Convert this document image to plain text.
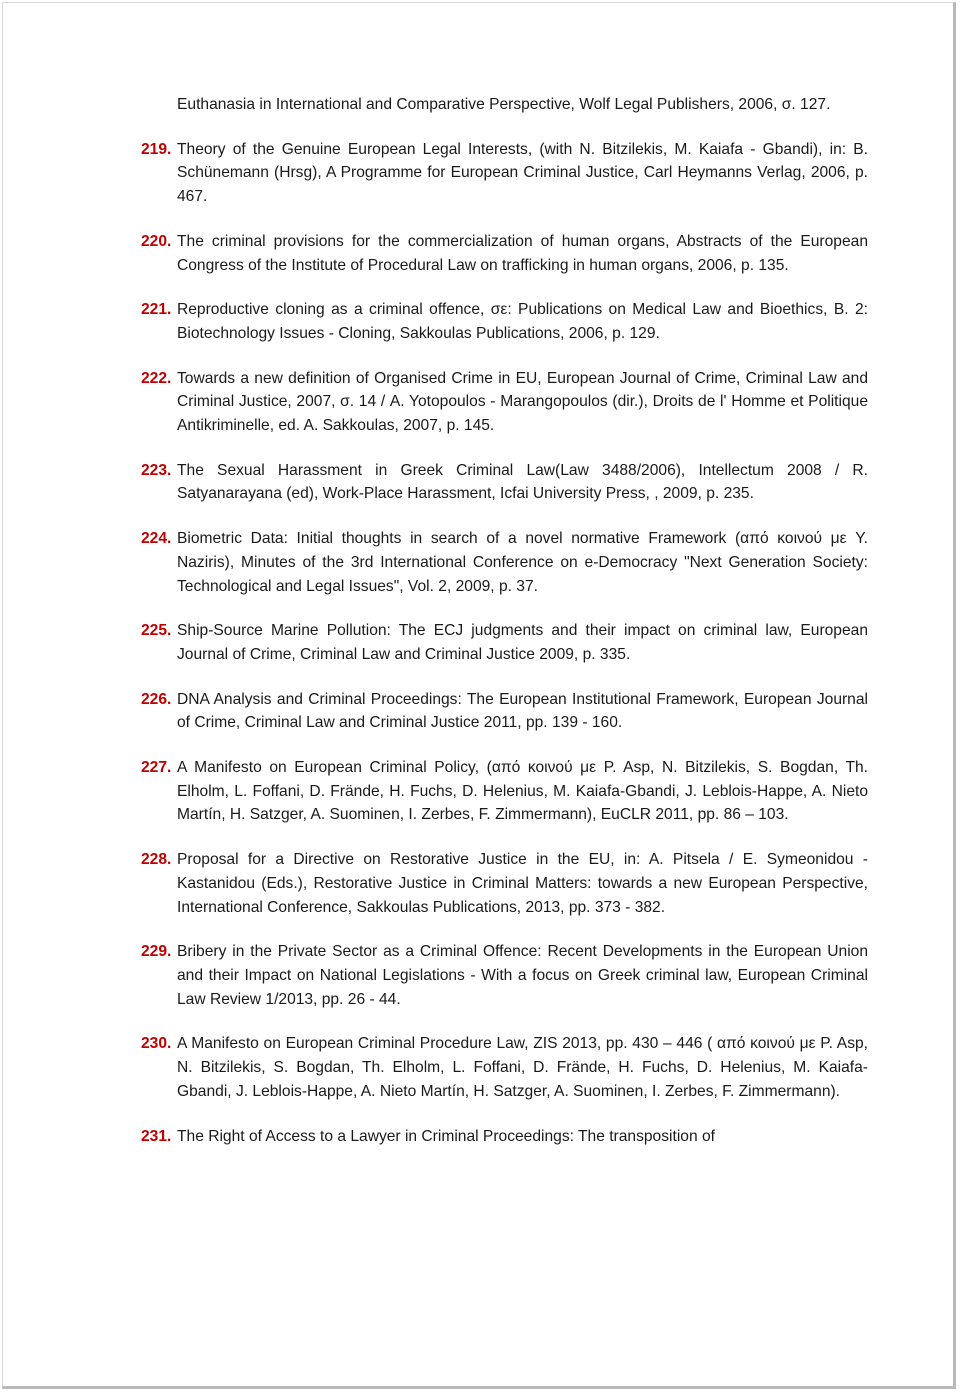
Euthanasia in International and Comparative Perspective, Wolf Legal Publishers, 2006, σ. 127.
219. Theory of the Genuine European Legal Interests, (with N. Bitzilekis, M. Kaiafa - Gbandi), in: B. Schünemann (Hrsg), A Programme for European Criminal Justice, Carl Heymanns Verlag, 2006, p. 467.
220. The criminal provisions for the commercialization of human organs, Abstracts of the European Congress of the Institute of Procedural Law on trafficking in human organs, 2006, p. 135.
221. Reproductive cloning as a criminal offence, σε: Publications on Medical Law and Bioethics, B. 2: Biotechnology Issues - Cloning, Sakkoulas Publications, 2006, p. 129.
222. Towards a new definition of Organised Crime in EU, European Journal of Crime, Criminal Law and Criminal Justice, 2007, σ. 14 / A. Yotopoulos - Marangopoulos (dir.), Droits de l' Homme et Politique Antikriminelle, ed. A. Sakkoulas, 2007, p. 145.
223. The Sexual Harassment in Greek Criminal Law(Law 3488/2006), Intellectum 2008 / R. Satyanarayana (ed), Work-Place Harassment, Icfai University Press, , 2009, p. 235.
224. Biometric Data: Initial thoughts in search of a novel normative Framework (από κοινού με Y. Naziris), Minutes of the 3rd International Conference on e-Democracy "Next Generation Society: Technological and Legal Issues", Vol. 2, 2009, p. 37.
225. Ship-Source Marine Pollution: The ECJ judgments and their impact on criminal law, European Journal of Crime, Criminal Law and Criminal Justice 2009, p. 335.
226. DNA Analysis and Criminal Proceedings: The European Institutional Framework, European Journal of Crime, Criminal Law and Criminal Justice 2011, pp. 139 - 160.
227. A Manifesto on European Criminal Policy, (από κοινού με P. Asp, N. Bitzilekis, S. Bogdan, Th. Elholm, L. Foffani, D. Frände, H. Fuchs, D. Helenius, M. Kaiafa-Gbandi, J. Leblois-Happe, A. Nieto Martín, H. Satzger, A. Suominen, I. Zerbes, F. Zimmermann), EuCLR 2011, pp. 86 – 103.
228. Proposal for a Directive on Restorative Justice in the EU, in: A. Pitsela / E. Symeonidou - Kastanidou (Eds.), Restorative Justice in Criminal Matters: towards a new European Perspective, International Conference, Sakkoulas Publications, 2013, pp. 373 - 382.
229. Bribery in the Private Sector as a Criminal Offence: Recent Developments in the European Union and their Impact on National Legislations - With a focus on Greek criminal law, European Criminal Law Review 1/2013, pp. 26 - 44.
230. A Manifesto on European Criminal Procedure Law, ZIS 2013, pp. 430 – 446 ( από κοινού με P. Asp, N. Bitzilekis, S. Bogdan, Th. Elholm, L. Foffani, D. Frände, H. Fuchs, D. Helenius, M. Kaiafa-Gbandi, J. Leblois-Happe, A. Nieto Martín, H. Satzger, A. Suominen, I. Zerbes, F. Zimmermann).
231. The Right of Access to a Lawyer in Criminal Proceedings: The transposition of
